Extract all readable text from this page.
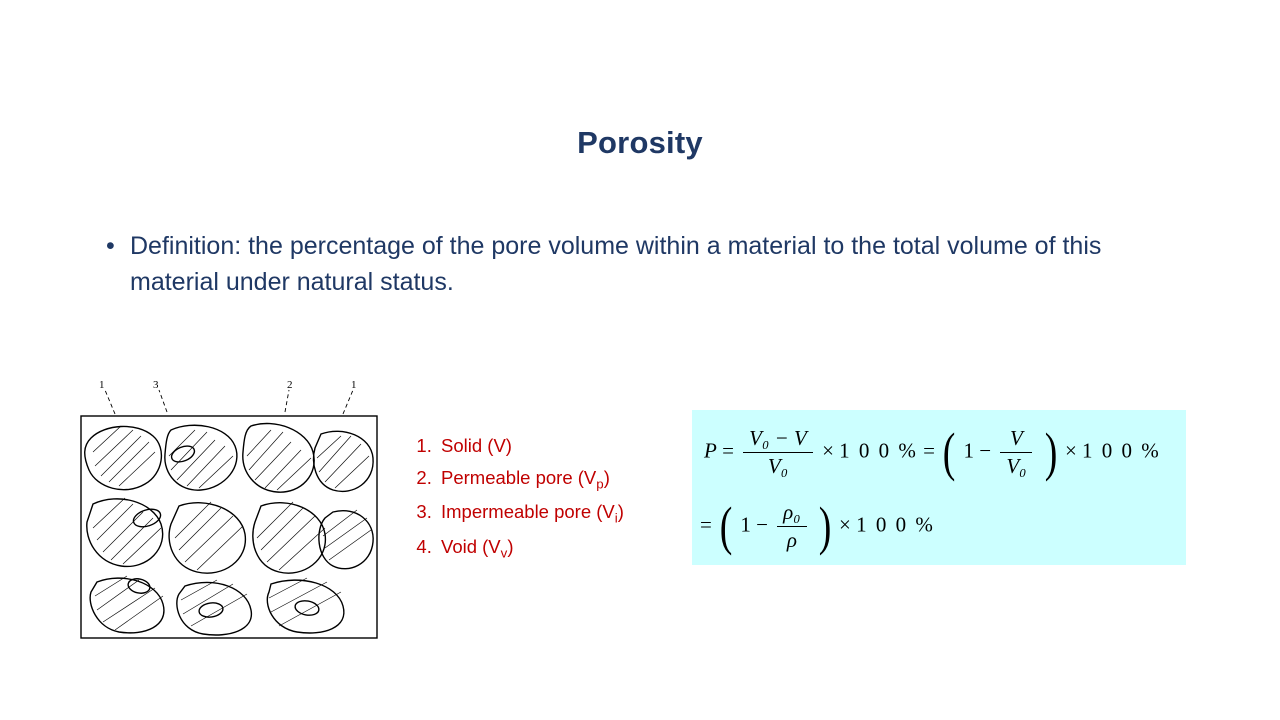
Porosity
• Definition: the percentage of the pore volume within a material to the total volume of this material under natural status.
1	3	2	1
1. Solid (V)
2. Permeable pore $(V_p)$
3. Impermeable pore $(V_i)$
4. Void $(V_v)$
$P = \frac{\text{V₀ − V}}{\text{V₀}} \times 1$ 0 0 % = ( $1 - \frac{V}{\text{V₀}}$ ) × 1 0 0 %
= ( $1 - \frac{\text{ρ₀}}{\rho}$ ) × 1 0 0 %
